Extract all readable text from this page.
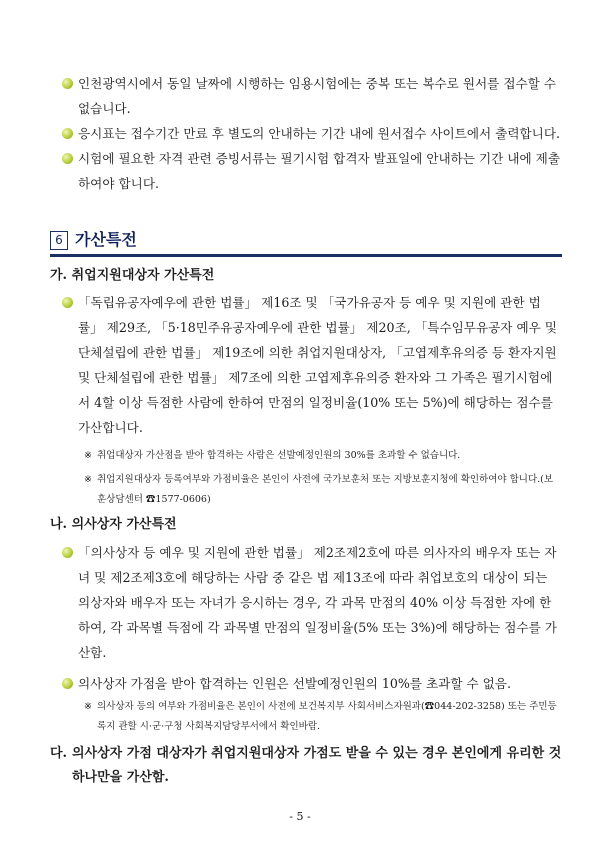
인천광역시에서 동일 날짜에 시행하는 임용시험에는 중복 또는 복수로 원서를 접수할 수 없습니다.
응시표는 접수기간 만료 후 별도의 안내하는 기간 내에 원서접수 사이트에서 출력합니다.
시험에 필요한 자격 관련 증빙서류는 필기시험 합격자 발표일에 안내하는 기간 내에 제출하여야 합니다.
6 가산특전
가. 취업지원대상자 가산특전
「독립유공자예우에 관한 법률」 제16조 및 「국가유공자 등 예우 및 지원에 관한 법률」 제29조, 「5·18민주유공자예우에 관한 법률」 제20조, 「특수임무유공자 예우 및 단체설립에 관한 법률」 제19조에 의한 취업지원대상자, 「고엽제후유의증 등 환자지원 및 단체설립에 관한 법률」 제7조에 의한 고엽제후유의증 환자와 그 가족은 필기시험에서 4할 이상 득점한 사람에 한하여 만점의 일정비율(10% 또는 5%)에 해당하는 점수를 가산합니다.
※ 취업대상자 가산점을 받아 합격하는 사람은 선발예정인원의 30%를 초과할 수 없습니다.
※ 취업지원대상자 등록여부와 가점비율은 본인이 사전에 국가보훈처 또는 지방보훈지청에 확인하여야 합니다.(보훈상담센터 ☎1577-0606)
나. 의사상자 가산특전
「의사상자 등 예우 및 지원에 관한 법률」 제2조제2호에 따른 의사자의 배우자 또는 자녀 및 제2조제3호에 해당하는 사람 중 같은 법 제13조에 따라 취업보호의 대상이 되는 의상자와 배우자 또는 자녀가 응시하는 경우, 각 과목 만점의 40% 이상 득점한 자에 한하여, 각 과목별 득점에 각 과목별 만점의 일정비율(5% 또는 3%)에 해당하는 점수를 가산함.
의사상자 가점을 받아 합격하는 인원은 선발예정인원의 10%를 초과할 수 없음.
※ 의사상자 등의 여부와 가점비율은 본인이 사전에 보건복지부 사회서비스자원과(☎044-202-3258) 또는 주민등록지 관할 시·군·구청 사회복지담당부서에서 확인바람.
다. 의사상자 가점 대상자가 취업지원대상자 가점도 받을 수 있는 경우 본인에게 유리한 것 하나만을 가산함.
- 5 -
